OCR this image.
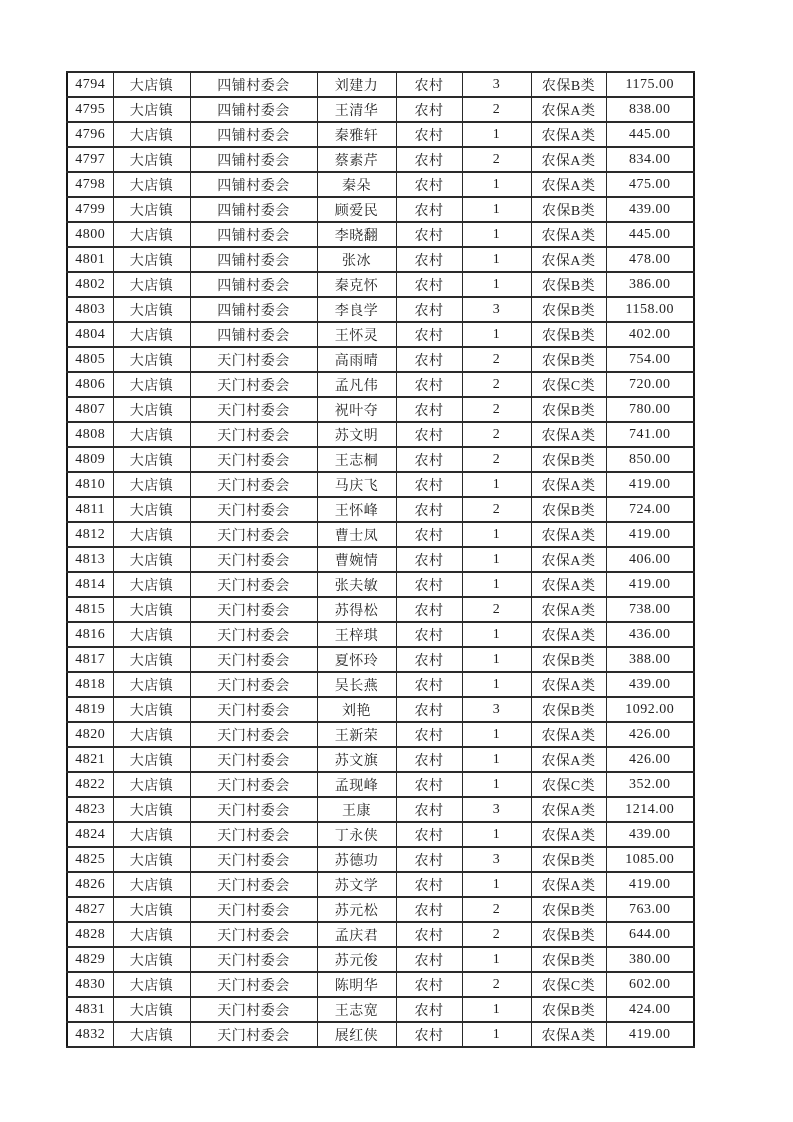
4794	大店镇	四铺村委会	刘建力	农村	3	农保B类	1175.00
4795	大店镇	四铺村委会	王清华	农村	2	农保A类	838.00
4796	大店镇	四铺村委会	秦雅轩	农村	1	农保A类	445.00
4797	大店镇	四铺村委会	蔡素芹	农村	2	农保A类	834.00
4798	大店镇	四铺村委会	秦朵	农村	1	农保A类	475.00
4799	大店镇	四铺村委会	顾爱民	农村	1	农保B类	439.00
4800	大店镇	四铺村委会	李晓翻	农村	1	农保A类	445.00
4801	大店镇	四铺村委会	张冰	农村	1	农保A类	478.00
4802	大店镇	四铺村委会	秦克怀	农村	1	农保B类	386.00
4803	大店镇	四铺村委会	李良学	农村	3	农保B类	1158.00
4804	大店镇	四铺村委会	王怀灵	农村	1	农保B类	402.00
4805	大店镇	天门村委会	高雨晴	农村	2	农保B类	754.00
4806	大店镇	天门村委会	孟凡伟	农村	2	农保C类	720.00
4807	大店镇	天门村委会	祝叶夺	农村	2	农保B类	780.00
4808	大店镇	天门村委会	苏文明	农村	2	农保A类	741.00
4809	大店镇	天门村委会	王志桐	农村	2	农保B类	850.00
4810	大店镇	天门村委会	马庆飞	农村	1	农保A类	419.00
4811	大店镇	天门村委会	王怀峰	农村	2	农保B类	724.00
4812	大店镇	天门村委会	曹士凤	农村	1	农保A类	419.00
4813	大店镇	天门村委会	曹婉情	农村	1	农保A类	406.00
4814	大店镇	天门村委会	张夫敏	农村	1	农保A类	419.00
4815	大店镇	天门村委会	苏得松	农村	2	农保A类	738.00
4816	大店镇	天门村委会	王梓琪	农村	1	农保A类	436.00
4817	大店镇	天门村委会	夏怀玲	农村	1	农保B类	388.00
4818	大店镇	天门村委会	吴长燕	农村	1	农保A类	439.00
4819	大店镇	天门村委会	刘艳	农村	3	农保B类	1092.00
4820	大店镇	天门村委会	王新荣	农村	1	农保A类	426.00
4821	大店镇	天门村委会	苏文旗	农村	1	农保A类	426.00
4822	大店镇	天门村委会	孟现峰	农村	1	农保C类	352.00
4823	大店镇	天门村委会	王康	农村	3	农保A类	1214.00
4824	大店镇	天门村委会	丁永侠	农村	1	农保A类	439.00
4825	大店镇	天门村委会	苏德功	农村	3	农保B类	1085.00
4826	大店镇	天门村委会	苏文学	农村	1	农保A类	419.00
4827	大店镇	天门村委会	苏元松	农村	2	农保B类	763.00
4828	大店镇	天门村委会	孟庆君	农村	2	农保B类	644.00
4829	大店镇	天门村委会	苏元俊	农村	1	农保B类	380.00
4830	大店镇	天门村委会	陈明华	农村	2	农保C类	602.00
4831	大店镇	天门村委会	王志宽	农村	1	农保B类	424.00
4832	大店镇	天门村委会	展红侠	农村	1	农保A类	419.00
